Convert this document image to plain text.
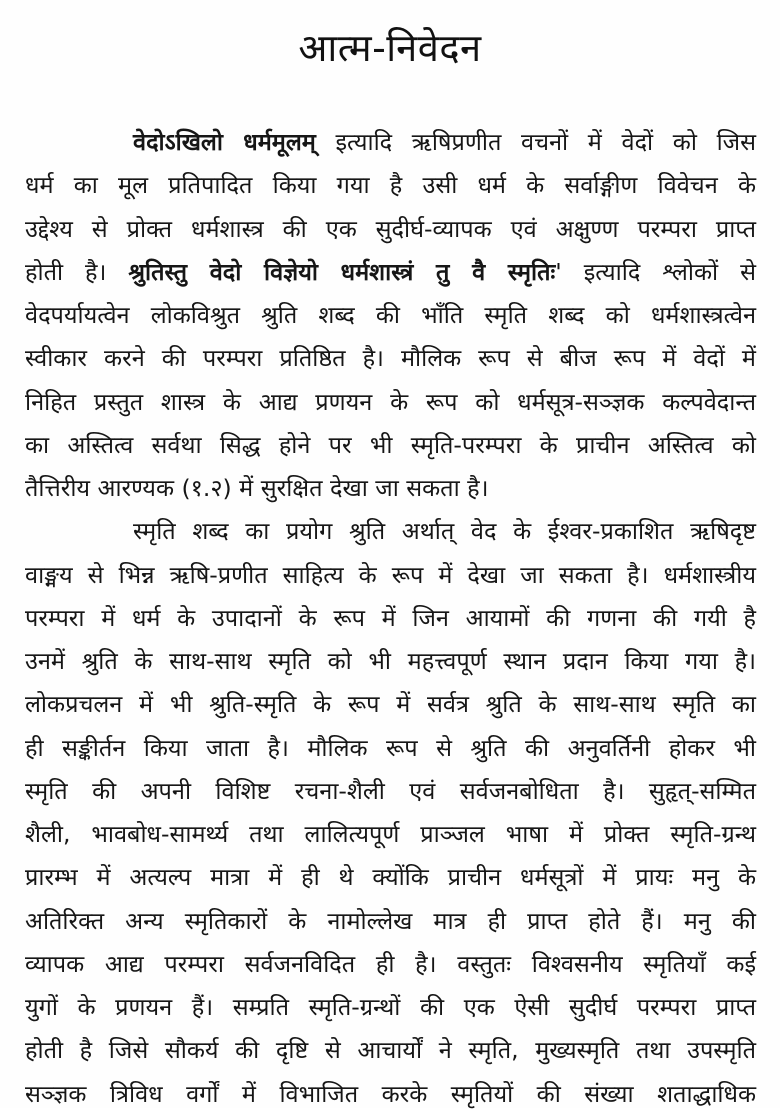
आत्म-निवेदन
वेदोऽखिलो धर्ममूलम् इत्यादि ऋषिप्रणीत वचनों में वेदों को जिस
धर्म का मूल प्रतिपादित किया गया है उसी धर्म के सर्वाङ्गीण विवेचन के
उद्देश्य से प्रोक्त धर्मशास्त्र की एक सुदीर्घ-व्यापक एवं अक्षुण्ण परम्परा प्राप्त
होती है। श्रुतिस्तु वेदो विज्ञेयो धर्मशास्त्रं तु वै स्मृतिः' इत्यादि श्लोकों से
वेदपर्यायत्वेन लोकविश्रुत श्रुति शब्द की भाँति स्मृति शब्द को धर्मशास्त्रत्वेन
स्वीकार करने की परम्परा प्रतिष्ठित है। मौलिक रूप से बीज रूप में वेदों में
निहित प्रस्तुत शास्त्र के आद्य प्रणयन के रूप को धर्मसूत्र-सञ्ज्ञक कल्पवेदान्त
का अस्तित्व सर्वथा सिद्ध होने पर भी स्मृति-परम्परा के प्राचीन अस्तित्व को
तैत्तिरीय आरण्यक (१.२) में सुरक्षित देखा जा सकता है।
स्मृति शब्द का प्रयोग श्रुति अर्थात् वेद के ईश्वर-प्रकाशित ऋषिदृष्ट
वाङ्मय से भिन्न ऋषि-प्रणीत साहित्य के रूप में देखा जा सकता है। धर्मशास्त्रीय
परम्परा में धर्म के उपादानों के रूप में जिन आयामों की गणना की गयी है
उनमें श्रुति के साथ-साथ स्मृति को भी महत्त्वपूर्ण स्थान प्रदान किया गया है।
लोकप्रचलन में भी श्रुति-स्मृति के रूप में सर्वत्र श्रुति के साथ-साथ स्मृति का
ही सङ्कीर्तन किया जाता है। मौलिक रूप से श्रुति की अनुवर्तिनी होकर भी
स्मृति की अपनी विशिष्ट रचना-शैली एवं सर्वजनबोधिता है। सुहृत्-सम्मित
शैली, भावबोध-सामर्थ्य तथा लालित्यपूर्ण प्राञ्जल भाषा में प्रोक्त स्मृति-ग्रन्थ
प्रारम्भ में अत्यल्प मात्रा में ही थे क्योंकि प्राचीन धर्मसूत्रों में प्रायः मनु के
अतिरिक्त अन्य स्मृतिकारों के नामोल्लेख मात्र ही प्राप्त होते हैं। मनु की
व्यापक आद्य परम्परा सर्वजनविदित ही है। वस्तुतः विश्वसनीय स्मृतियाँ कई
युगों के प्रणयन हैं। सम्प्रति स्मृति-ग्रन्थों की एक ऐसी सुदीर्घ परम्परा प्राप्त
होती है जिसे सौकर्य की दृष्टि से आचार्यों ने स्मृति, मुख्यस्मृति तथा उपस्मृति
सञ्ज्ञक त्रिविध वर्गों में विभाजित करके स्मृतियों की संख्या शताद्धाधिक
